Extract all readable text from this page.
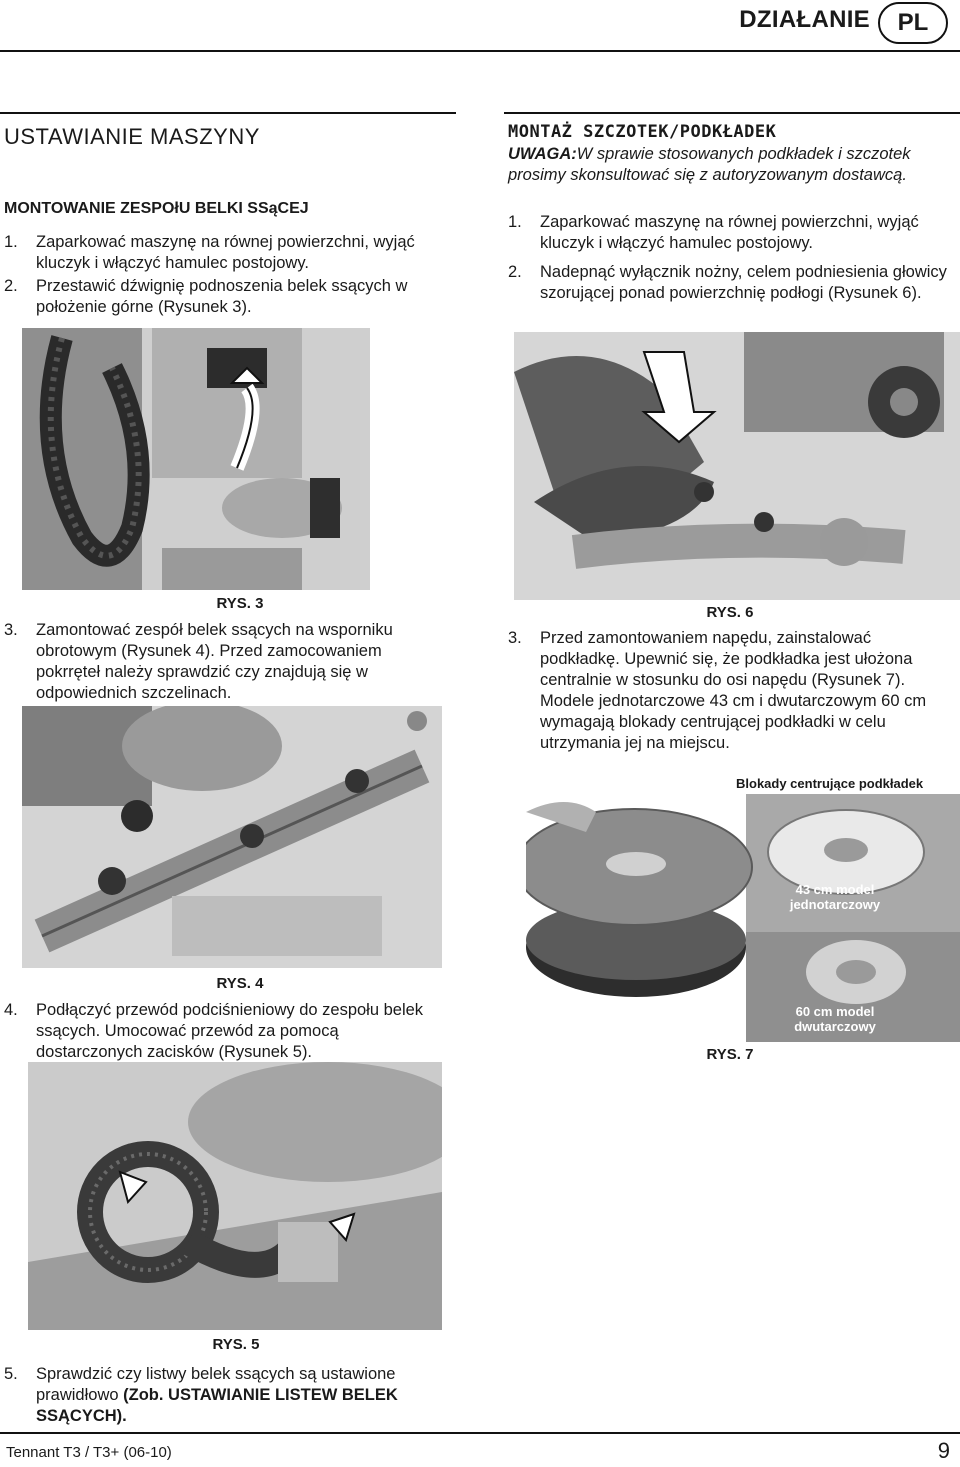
DZIAŁANIE	PL
USTAWIANIE MASZYNY
MONTOWANIE ZESPOłU BELKI SSąCEJ
1. Zaparkować maszynę na równej powierzchni, wyjąć kluczyk i włączyć hamulec postojowy.
2. Przestawić dźwignię podnoszenia belek ssących w położenie górne (Rysunek 3).
RYS. 3
3. Zamontować zespół belek ssących na wsporniku obrotowym (Rysunek 4). Przed zamocowaniem pokrręteł należy sprawdzić czy znajdują się w odpowiednich szczelinach.
RYS. 4
4. Podłączyć przewód podciśnieniowy do zespołu belek ssących. Umocować przewód za pomocą dostarczonych zacisków (Rysunek 5).
RYS. 5
5. Sprawdzić czy listwy belek ssących są ustawione prawidłowo (Zob. USTAWIANIE LISTEW BELEK SSĄCYCH).
MONTAŻ SZCZOTEK/PODKŁADEK
UWAGA:W sprawie stosowanych podkładek i szczotek prosimy skonsultować się z autoryzowanym dostawcą.
1. Zaparkować maszynę na równej powierzchni, wyjąć kluczyk i włączyć hamulec postojowy.
2. Nadepnąć wyłącznik nożny, celem podniesienia głowicy szorującej ponad powierzchnię podłogi (Rysunek 6).
RYS. 6
3. Przed zamontowaniem napędu, zainstalować podkładkę. Upewnić się, że podkładka jest ułożona centralnie w stosunku do osi napędu (Rysunek 7). Modele jednotarczowe 43 cm i dwutarczowym 60 cm wymagają blokady centrującej podkładki w celu utrzymania jej na miejscu.
Blokady centrujące podkładek
43 cm model jednotarczowy
60 cm model dwutarczowy
RYS. 7
Tennant T3 / T3+ (06-10)	9
